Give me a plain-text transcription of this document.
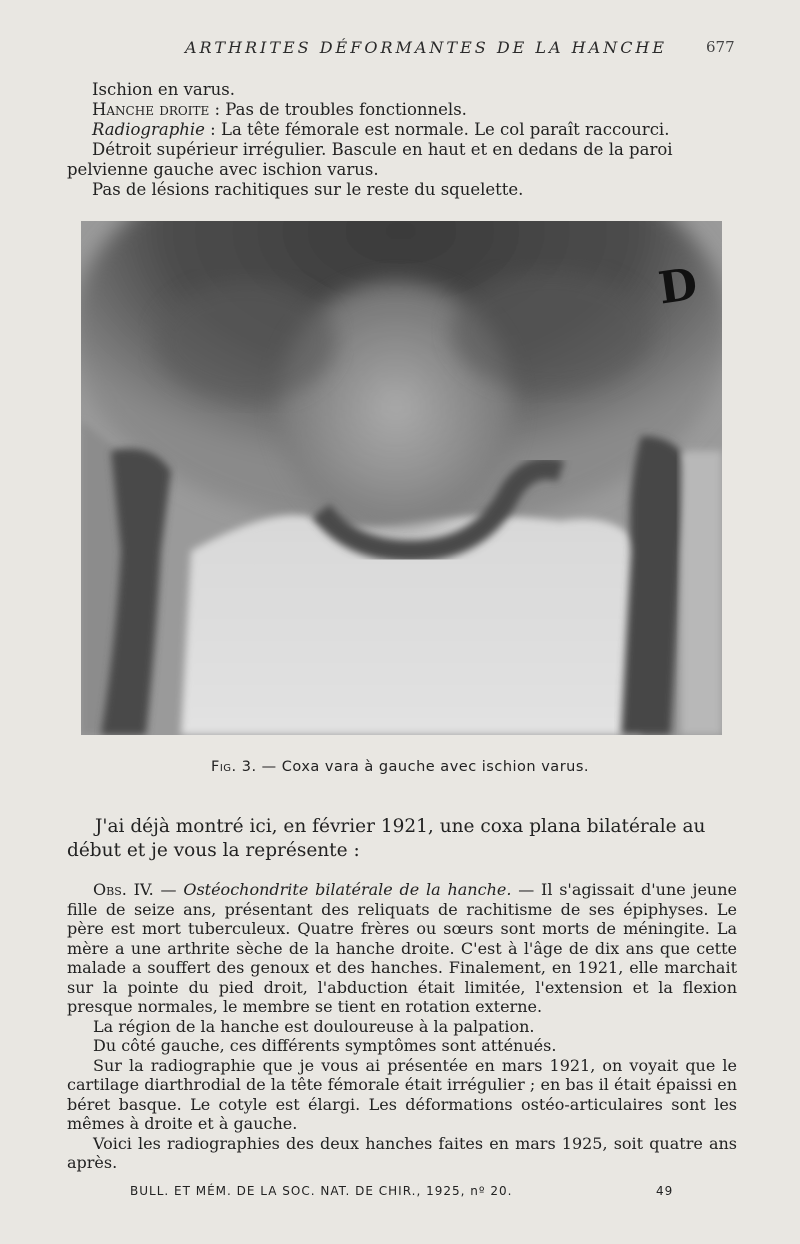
ARTHRITES DÉFORMANTES DE LA HANCHE	677

Ischion en varus.

Hanche droite : Pas de troubles fonctionnels.

Radiographie : La tête fémorale est normale. Le col paraît raccourci.

Détroit supérieur irrégulier. Bascule en haut et en dedans de la paroi pelvienne gauche avec ischion varus.

Pas de lésions rachitiques sur le reste du squelette.

D
Fig. 3. — Coxa vara à gauche avec ischion varus.

J'ai déjà montré ici, en février 1921, une coxa plana bilatérale au début et je vous la représente :

Obs. IV. — Ostéochondrite bilatérale de la hanche. — Il s'agissait d'une jeune fille de seize ans, présentant des reliquats de rachitisme de ses épiphyses. Le père est mort tuberculeux. Quatre frères ou sœurs sont morts de méningite. La mère a une arthrite sèche de la hanche droite. C'est à l'âge de dix ans que cette malade a souffert des genoux et des hanches. Finalement, en 1921, elle marchait sur la pointe du pied droit, l'abduction était limitée, l'extension et la flexion presque normales, le membre se tient en rotation externe.

La région de la hanche est douloureuse à la palpation.

Du côté gauche, ces différents symptômes sont atténués.

Sur la radiographie que je vous ai présentée en mars 1921, on voyait que le cartilage diarthrodial de la tête fémorale était irrégulier ; en bas il était épaissi en béret basque. Le cotyle est élargi. Les déformations ostéo-articulaires sont les mêmes à droite et à gauche.

Voici les radiographies des deux hanches faites en mars 1925, soit quatre ans après.

BULL. ET MÉM. DE LA SOC. NAT. DE CHIR., 1925, nº 20.	49
